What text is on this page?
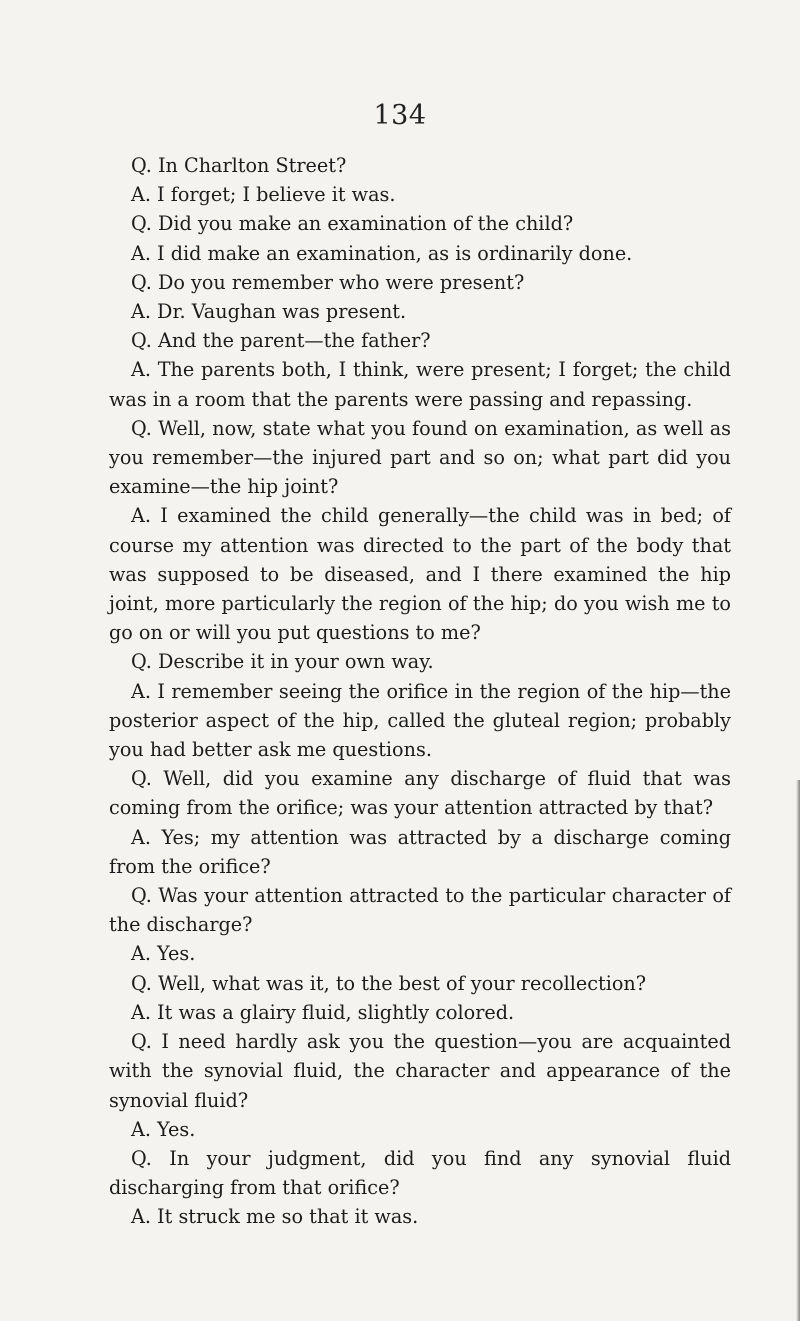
134

Q. In Charlton Street?

A. I forget; I believe it was.

Q. Did you make an examination of the child?

A. I did make an examination, as is ordinarily done.

Q. Do you remember who were present?

A. Dr. Vaughan was present.

Q. And the parent—the father?

A. The parents both, I think, were present; I forget; the child was in a room that the parents were passing and repassing.

Q. Well, now, state what you found on examination, as well as you remember—the injured part and so on; what part did you examine—the hip joint?

A. I examined the child generally—the child was in bed; of course my attention was directed to the part of the body that was supposed to be diseased, and I there examined the hip joint, more particularly the region of the hip; do you wish me to go on or will you put questions to me?

Q. Describe it in your own way.

A. I remember seeing the orifice in the region of the hip—the posterior aspect of the hip, called the gluteal region; probably you had better ask me questions.

Q. Well, did you examine any discharge of fluid that was coming from the orifice; was your attention attracted by that?

A. Yes; my attention was attracted by a discharge coming from the orifice?

Q. Was your attention attracted to the particular character of the discharge?

A. Yes.

Q. Well, what was it, to the best of your recollection?

A. It was a glairy fluid, slightly colored.

Q. I need hardly ask you the question—you are acquainted with the synovial fluid, the character and appearance of the synovial fluid?

A. Yes.

Q. In your judgment, did you find any synovial fluid discharging from that orifice?

A. It struck me so that it was.
